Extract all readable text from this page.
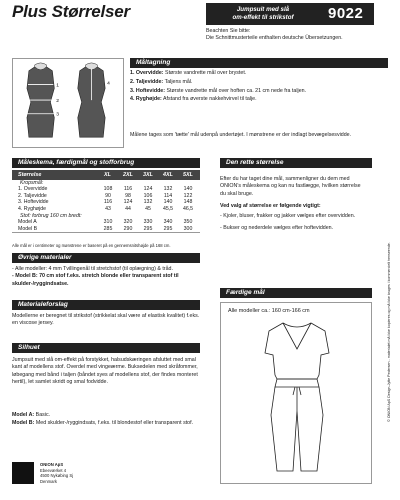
Plus Størrelser	Jumpsuit med slå
om-effekt til strikstof	9022
Beachten Sie bitte:
Die Schnittmusterteile enthalten deutsche Übersetzungen.
Måltagning
1
2
3
4
1. Overvidde: Største vandrette mål over brystet.
2. Taljevidde: Taljens mål.
3. Hoftevidde: Største vandrette mål over hoften ca. 21 cm nede fra taljen.
4. Ryghøjde: Afstand fra øverste nakkehvirvel til talje.
Målene tages som 'tætte' mål udenpå undertøjet. I mønstrene er der indlagt bevægelsesvidde.
Måleskema, færdigmål og stofforbrug
Størrelse	XL 2XL 3XL 4XL 5XL
Kropsmål:
1. Overvidde	108	116	124	132	140
2. Taljevidde	90	98	106	114	122
3. Hoftevidde	116	124	132	140	148
4. Ryghøjde	43	44	45	45,5	46,5
Stof: forbrug 160 cm bredt:
Model A	310	320	330	340	350
Model B	285	290	295	295	300
Alle mål er i centimeter og mønstrene er baseret på en gennemsnitshøjde på 168 cm.
Øvrige materialer
- Alle modeller: 4 mm Tvillingenål til stretchstof (til oplægning) & tråd.
- Model B: 70 cm stof f.eks. stretch blonde eller transparent stof til skulder-/ryggindsatse.
Materialeforslag
Modellerne er beregnet til strikstof (strikkelat skal være af elastisk kvalitet) f.eks. en viscose jersey.
Silhuet
Jumpsuit med slå om-effekt på forstykket, halsudskæringen afsluttet med smal kant af modellens stof. Overdel med vingeærme. Buksedelen med skråfommer, løbegang med bånd i taljen (båndet syes af modellens stof, der findes monteret hertil), let samlet skridt og smal fodvidde.
Model A: Basic.
Model B: Med skulder-/ryggindsats, f.eks. til blondestof eller transparent stof.
Den rette størrelse

Efter du har taget dine mål, sammenligner du dem med ONION's måleskema og kan nu fastlægge, hvilken størrelse du skal bruge.

Ved valg af størrelse er følgende vigtigt:

- Kjoler, bluser, frakker og jakker vælges efter overvidden.

- Bukser og nederdele vælges efter hoftevidden.

Færdige mål
Alle modeller ca.: 160 cm-166 cm	© ONION ApS Design-Jytte Pedersen - materialet må ikke kopieres og må ikke bruges i kommercielt henseende.
ONION ApS
Ebeeværket 4
4500 Nykøbing Sj
Denmark
